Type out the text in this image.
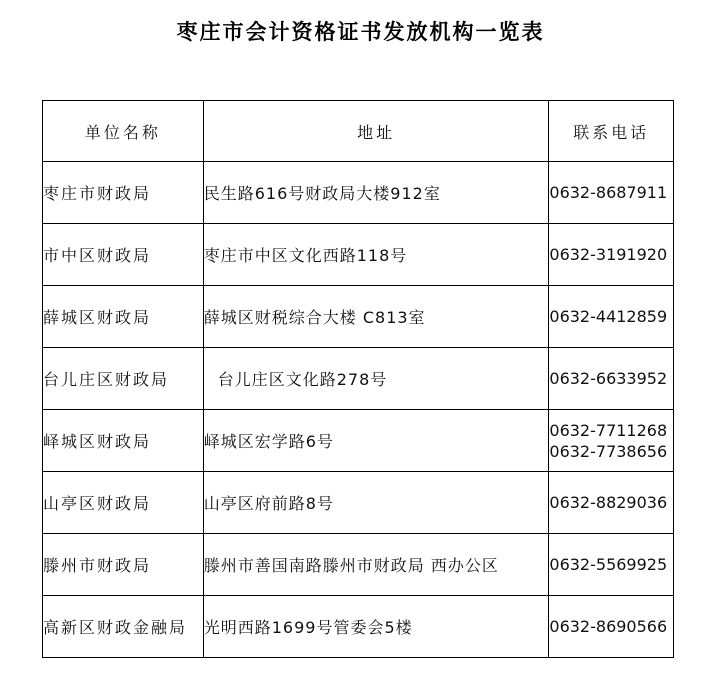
枣庄市会计资格证书发放机构一览表
单位名称	地址	联系电话
枣庄市财政局	民生路616号财政局大楼912室	0632-8687911

市中区财政局	枣庄市中区文化西路118号	0632-3191920

薛城区财政局	薛城区财税综合大楼 C813室	0632-4412859

台儿庄区财政局	台儿庄区文化路278号	0632-6633952

峄城区财政局	峄城区宏学路6号	0632-7711268
0632-7738656

山亭区财政局	山亭区府前路8号	0632-8829036

滕州市财政局	滕州市善国南路滕州市财政局 西办公区	0632-5569925

高新区财政金融局	光明西路1699号管委会5楼	0632-8690566
